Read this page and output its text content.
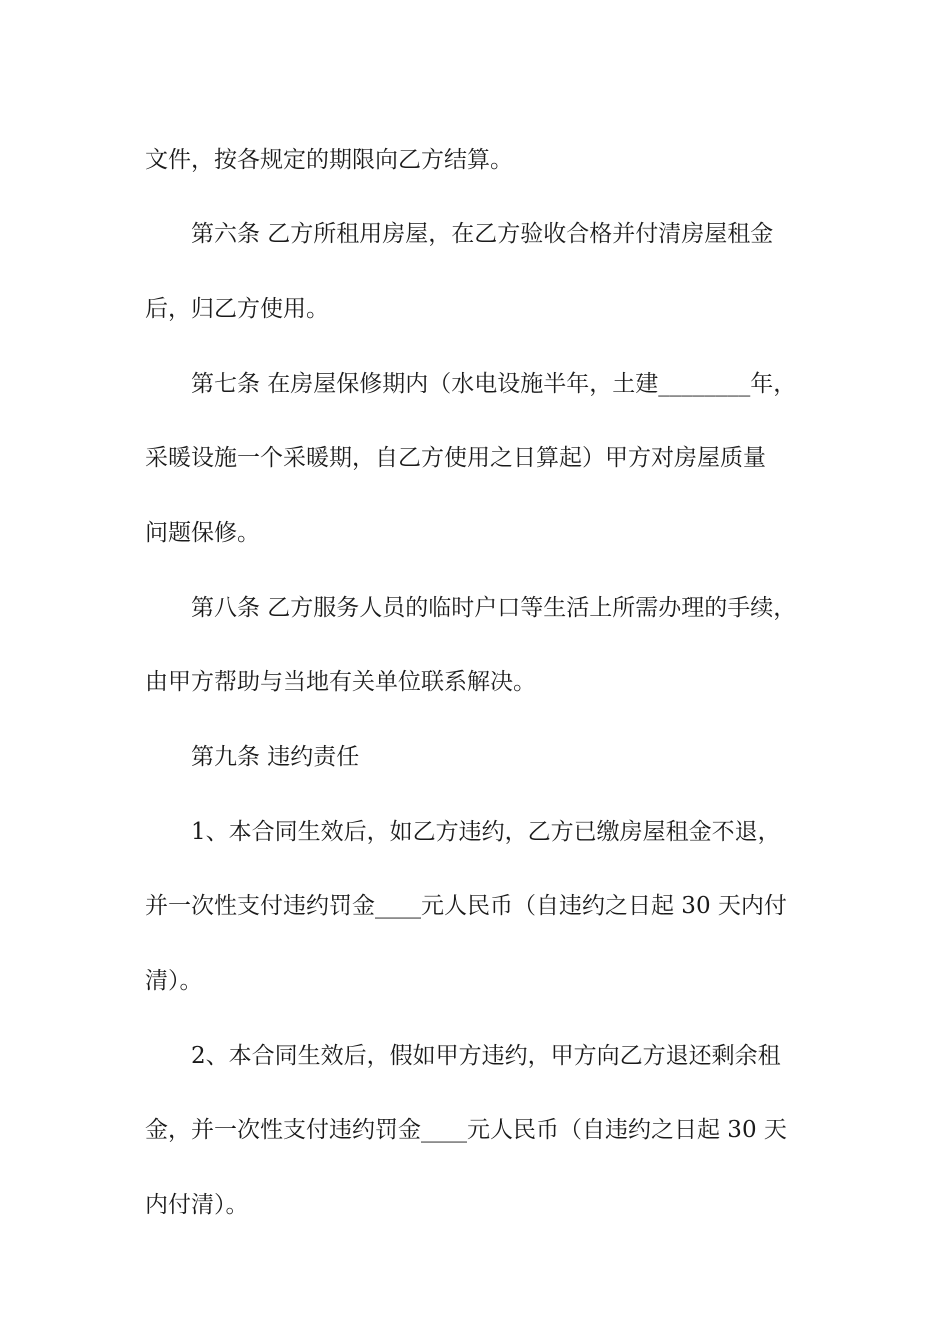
文件，按各规定的期限向乙方结算。
第六条 乙方所租用房屋，在乙方验收合格并付清房屋租金
后，归乙方使用。
第七条 在房屋保修期内（水电设施半年，土建________年，
采暖设施一个采暖期，自乙方使用之日算起）甲方对房屋质量
问题保修。
第八条 乙方服务人员的临时户口等生活上所需办理的手续，
由甲方帮助与当地有关单位联系解决。
第九条 违约责任
1、本合同生效后，如乙方违约，乙方已缴房屋租金不退，
并一次性支付违约罚金____元人民币（自违约之日起 30 天内付
清）。
2、本合同生效后，假如甲方违约，甲方向乙方退还剩余租
金，并一次性支付违约罚金____元人民币（自违约之日起 30 天
内付清）。
